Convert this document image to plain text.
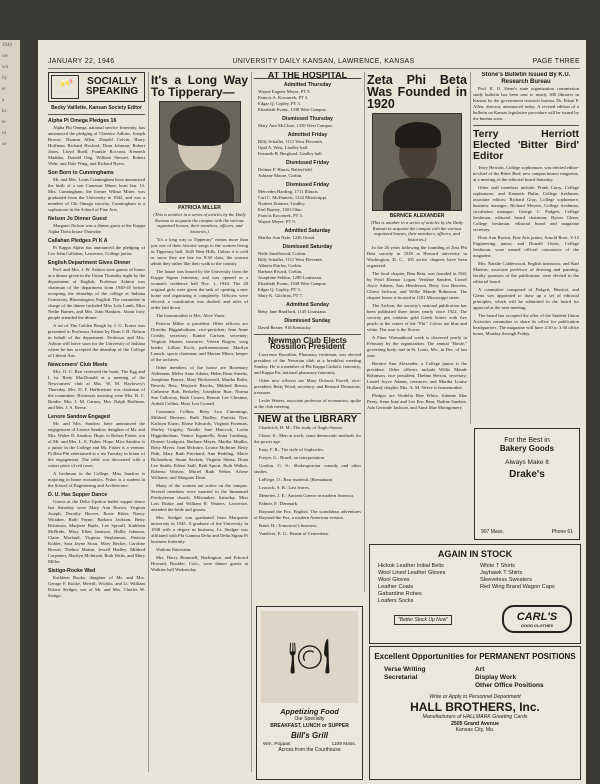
1946
ow
wn
lly
ec
a
ks
te
ru
ce
JANUARY 22, 1946	UNIVERSITY DAILY KANSAN, LAWRENCE, KANSAS	PAGE THREE
🥂	SOCIALLY
SPEAKING
Becky Vaillette, Kansan Society Editor
Alpha Pi Omega Pledges 16

Alpha Phi Omega, national service fraternity, has announced the pledging of Clarence Adkins, Joseph Brown, Thomas Allen, Donald Colvin, Harry Hoffman, Richard Hosford, Dean Johnson, Robert Jones, Lloyd Buell, Frankie Rocconi, Kenneth Maddux, Donald Ong, William Stewart, Robert Wehr, and Dale Wing, and Richard Byers.

Son Born to Cunninghams

Mr. and Mrs. Louis Cunningham have announced the birth of a son Cameron Miner, born Jan. 13. Mrs. Cunningham, the former Wilma Miner, was graduated from the University in 1942, and was a member of Chi Omega sorority. Cunningham is a sophomore in the School of Fine Arts.

Nelson Jo Dinner Guest

Margaret Nelson was a dinner guest at the Kappa Alpha Theta house Thursday.

Callahan Pledges Pi K A

Pi Kappa Alpha has announced the pledging of Leo John Callahan, Lawrence, College junior.

English Department Gives Dinner

Prof. and Mrs. J. W. Ashton were guests of honor at a dinner given in the Union Thursday night by the department of English. Professor Ashton was chairman of the department from 1940-45 before accepting the deanship of the college at Indiana University, Bloomington, English. The committee in charge of the dinner included Miss Lela Lamb, Miss Nellie Barnes, and Mrs. John Hankins. About forty people attended the dinner.

A set of The Golden Bough by J. G. Frazer was presented to Professor Ashton by Dean J. H. Nelson in behalf of the department. Professor and Mrs. Ashton will leave soon for the University of Indiana where he has accepted the deanship of the College of Liberal Arts.

Newcomers' Club Meets

Mrs. O. C. Barr reviewed the book, The Egg and I, by Betty MacDonald at a meeting of the Newcomers' club at Mrs. W. M. Haylowry's Thursday. Mrs. D. F. Hoffmeister was chairman of the committee. Hostesses assisting were Mrs. R. C. Brodie, Mrs. J. M. Carney, Mrs. Ralph Huffman, and Mrs. J. A. Reese.

Lenore Sandow Engaged

Mr. and Mrs. Sandow have announced the engagement of Lenore Sandow, daughter of Mr. and Mrs. Walter D. Sandow, Hope, to Robert Fisher, son of Mr. and Mrs. L. E. Fisher, Hope. Miss Sandow is a junior in the College and Mr. Fisher is a veteran. Pi Beta Phi entertained at a tea Tuesday in honor of the engagement. The table was decorated with a center piece of red roses.

A freshman in the College, Miss Sandow is majoring in home economics. Fisher is a student in the School of Engineering and Architecture.

D. U. Has Supper Dance

Guests at the Delta Upsilon buffet supper dance last Saturday were Mary Ann Brown, Virginia Joseph, Dorothy Hoover, Rosie Ritter, Nancy Wittaker, Ruth Payne, Barbara Jackson, Betty Robinson, Marjorie Bayle, Lee Sproull, Kathleen McBride, Mary Ellen Jamison, Hollie Johnson, Claire Morland, Virginia Stephenson, Patricia Kohler, Sara Jayne Stout, Mary Becker, Caroline Brown, Thelma Martin, Jewell Hadley, Mildred Carpenter, Marilyn McIntosh, Ruth Walts, and Mary Miller.

Sistigo-Rooke Wed

Kathleen Rooke, daughter of Mr. and Mrs. George F. Rooke, Merrill, Wichita, and Lt. William Robert Stedger, son of Mr. and Mrs. Charles W. Sistigo.

It's a Long Way To Tipperary—
PATRICIA MILLER
(This is another in a series of articles by the Daily Kansan to acquaint the campus with the various organized houses, their members, officers, and histories.)

"It's a long way to Tipperary" means more than just one of their favorite songs to the women living in Tipperary hall, 1645 West Hills. Unless it is cold or snow they are late for 8:30 class, the women admit they rather like their walk to the country.

The house was leased by the University from the Kappa Sigma fraternity, and was opened as a women's residence hall Nov. 1, 1944. The 20 original girls were given the task of opening a new home and organizing it completely. Officers were elected, a constitution was drafted, and rules of order laid down.

The housemother is Mrs. Alice Varns.

Patricia Miller is president. Other officers are Dorothy Higginbotham, vice-president; Jean Anne Crosby, secretary; Eunice Carlsen, secretary; Virginia Shoner, treasurer; Vivien Rogers, song leader; Lillian Koch, parliamentarian; Marilyn Lansch, sports chairman; and Marian Minor, keeper of the archives.

Other members of the house are Rosemary Alderman, Melva Anne Aikens, Helen Dean Arnetts, Josephine Barney, Mary Beckerwell, Martha Bolin, Beverly Betz, Marjorie Brooks, Mildred Brown, Catherine Bub, Berkeley, Josephine Burr, Norma Sue Calloway, Ruth Cowen, Bonnie Lee Chestnut, Ardeth Collins, Mary Lou Conrad.

Constance Collins, Betty Lou Cummings, Mildred Dieterer, Ruth Dudley, Patricia Dye, Kathryn Eaton, Eloise Edwards, Virginia Foreman, Shirley Grigsby, Natalie Jane Hancock, Lorita Higginbotham, Venice Ingamells, Anita Lansburg, Doreen Lindquist, Barbara Meyer, Martha Mudlin, Betty Myers, Joan McIntire, Louise McIntire, Betty Park, Mary Ruth Pritchard, Ann Redding, Marie Richardson, Susan Sackett, Virginia Shena, Dona Lee Smith, Eileen Stall, Beth Sprott, Ruth Walker, Roberta Watson, Muriel Ruth Weber, Arlene Williams, and Margaret Dean.

Many of the women are active on the campus. Several members were married in the Immanuel Presbyterian church, Milwaukee, Saturday. Miss Lois Roake and William R. Watters, Lawrence, attended the bride and groom.

Mrs. Stedger was graduated from Marquette university in 1945. A graduate of the University in 1938 with a degree in business, Lt. Stedger was affiliated with Phi Gamma Delta and Delta Sigma Pi business fraternity.

Watkins Entertains

Mrs. Harry Rummell, Burlington, and Edward Howard, Boulder, Colo., were dinner guests at Watkins hall Wednesday.

AT THE HOSPITAL
Admitted Thursday
Wayne Eugene Meyer, PT 9.
Francis A. Koconrek, PT 3.
Edgar Q. Copley, PT 3.
Elizabeth Evans, 1338 West Campus.
Dismissed Thursday
Mary Ann McClure, 1339 West Campus.
Admitted Friday
Billy Schaller, 1111 West Eleventh.
Opal A. West, Lindley hall.
Kenneth B. Berglund, Lindley hall.
Dismissed Friday
Delmer F. Harris, Baileyfield.
Adriane Moore, Corbin.
Dismissed Friday
Mercedes Harding, 1711 Illinois.
Carl C. McDaniels, 1322 Mississippi.
Norbert Zimmer, Lindley.
Earl Barney, 1301 Ohio.
Francis Koconrek, PT 3.
Wayne Meyer, PT 9.
Admitted Saturday
Martha Ann Nafe, 1246 Oread.
Dismissed Saturday
Nelle Smallwood, Corbin.
Billy Schaller, 1111 West Eleventh.
Alberta Shirley, Corbin.
Barbara Rivard, Corbin.
Josephine Seldon, 1200 Louisiana.
Elizabeth Evans, 1338 West Campus.
Edgar Q. Copley, PT 3.
Mary K. Gilchrist, PT 7.
Admitted Sunday
Betty Jane Bradford, 1145 Louisiana.
Dismissed Sunday
David Rexter, 916 Kentucky.
Newman Club Elects Rossillon President

Lawrence Rossillon, Pharmacy freshman, was elected president of the Newman club at a breakfast meeting Sunday. He is a member of Phi Kappa Catholic fraternity, and Kappa Psi, national pharmacy fraternity.

Other new officers are Mary Dolores Farrell, vice-president; Betty Wood, secretary; and Bernard Desmarais, treasurer.

Leslie Waters, associate professor of economics, spoke at the club meeting.

NEW at the LIBRARY

Chadwick, H. M.: The study of Anglo-Saxon.

Chase, S.: Men at work; some democratic methods for the power age.

Earp, F. R.: The style of Sophocles.

Freyre, G.: Brazil, an interpretation.

Gordon, G. S.: Shakespearian comedy and other studies.

LaFarge, O.: Raw material. (Romanian)

Leacock, S. B.: Last leaves.

Menefee, J. E.: Ancient Greece in modern America.

Palmer, F.: Denmark.

Raynard the Fox. English. The scandalous adventures of Raynard the Fox, a modern American version.

Rand, H.: Tomorrow's business.

Vandiver, E. G.: Boone of Centerdam.

Zeta Phi Beta Was Founded in 1920
BERNICE ALEXANDER
(This is another in a series of articles by the Daily Kansan to acquaint the campus with the various organized houses, their members, officers, and histories.)

In the 26 years following the founding of Zeta Phi Beta sorority in 1920 at Howard university in Washington, D. C., 105 active chapters have been organized.

The local chapter, Beta Beta, was founded in 1941 by Pearl Eleanor Logan, Verdane Sanders, Lionel Joyce Adams, Ann Henderson, Betty Lou Beavers, Gloria Jackson, and Willie Mande Robinson. The chapter house is located at 1101 Mississippi street.

The Archon, the sorority's national publication has been published three times yearly since 1922. The sorority pin contains gold Greek letters with five pearls in the center of the "Phi." Colors are blue and white. The rose is the flower.

A Finer Womanhood week is observed yearly in February by the organization. The annual "Boule," governing body, met in St. Louis, Mo., in Dec. of last year.

Bernice Ann Alexander, a College junior is the president. Other officers include Willie Maude Robinson, vice president; Thelma Herron, secretary; Lionel Joyce Adams, treasurer; and Martha Louise Holland, chaplin. Mrs. A. M. Neece is housemother.

Pledges are Verdelia Mae White, Johnnie Mae Peery, Irene June and Lee Eric Bear, Nadine Sanders, Ada Gertrude Jackson, and Anna Mae Montgomery.

Stone's Bulletin Issued By K.U. Research Bureau

Prof. E. O. Stene's state organization commission study bulletin has been sent to nearly 300 libraries in Kansas by the government research bureau, Dr. Ethan P. Allen, director, announced today. A revised edition of a bulletin on Kansas legislative procedure will be issued by the bureau soon.

Terry Herriott Elected 'Bitter Bird' Editor

Terry Herriott, College sophomore, was elected editor-in-chief of the Bitter Bird, new campus humor magazine, at a meeting of the editorial board Saturday.

Other staff members include: Frank Curry, College sophomore, and Kenneth Hulin, College freshman, associate editors; Richard Gray, College sophomore, business manager; Richard Meyers, College freshman, circulation manager; George C. Padgett, College freshman, editorial board chairman; Byron Glenn, College freshman, editorial board and magazine secretary.

Dora Ann Brown, Fine Arts junior, Arnold Rose, V-12 Engineering junior, and Donald Owen, College freshman, were named official cartoonists of the magazine.

Mrs. Natalie Calderwood, English instructor, and Karl Mattern, associate professor of drawing and painting, faculty sponsors of the publication, were elected to the editorial board.

A committee composed of Padgett, Herriott, and Glenn was appointed to draw up a set of editorial principles, which will be submitted to the board for approval at the next meeting.

The board has accepted the offer of the Student Union Activities committee to share its office for publication headquarters. The magazine will have 2:30 to 3:30 office hours, Monday through Friday.

For the Best in
Bakery Goods
Always Make It
Drake's
907 Mass.	Phone 61
AGAIN IN STOCK
Hickok Leather Initial Belts
Wool Lined Leather Gloves
Wool Gloves
Leather Coats
Gabardine Robes
Loafers Socks
White T Shirts
Jayhawk T Shirts
Sleeveless Sweaters
Red Wing Brand Wagon Caps
"Better Stock Up Now"	CARL'S
GOOD CLOTHES
🍽
Appetizing Food
Our Specialty
BREAKFAST, LUNCH or SUPPER
Bill's Grill
Wm. Poppas	1109 Mass.
Across from the Courthouse
Excellent Opportunities for PERMANENT POSITIONS
Verse Writing	Art
Secretarial	Display Work
Other Office Positions
Write or Apply to Personnel Department
HALL BROTHERS, Inc.
Manufacturers of HALLMARK Greeting Cards
2505 Grand Avenue
Kansas City, Mo.
